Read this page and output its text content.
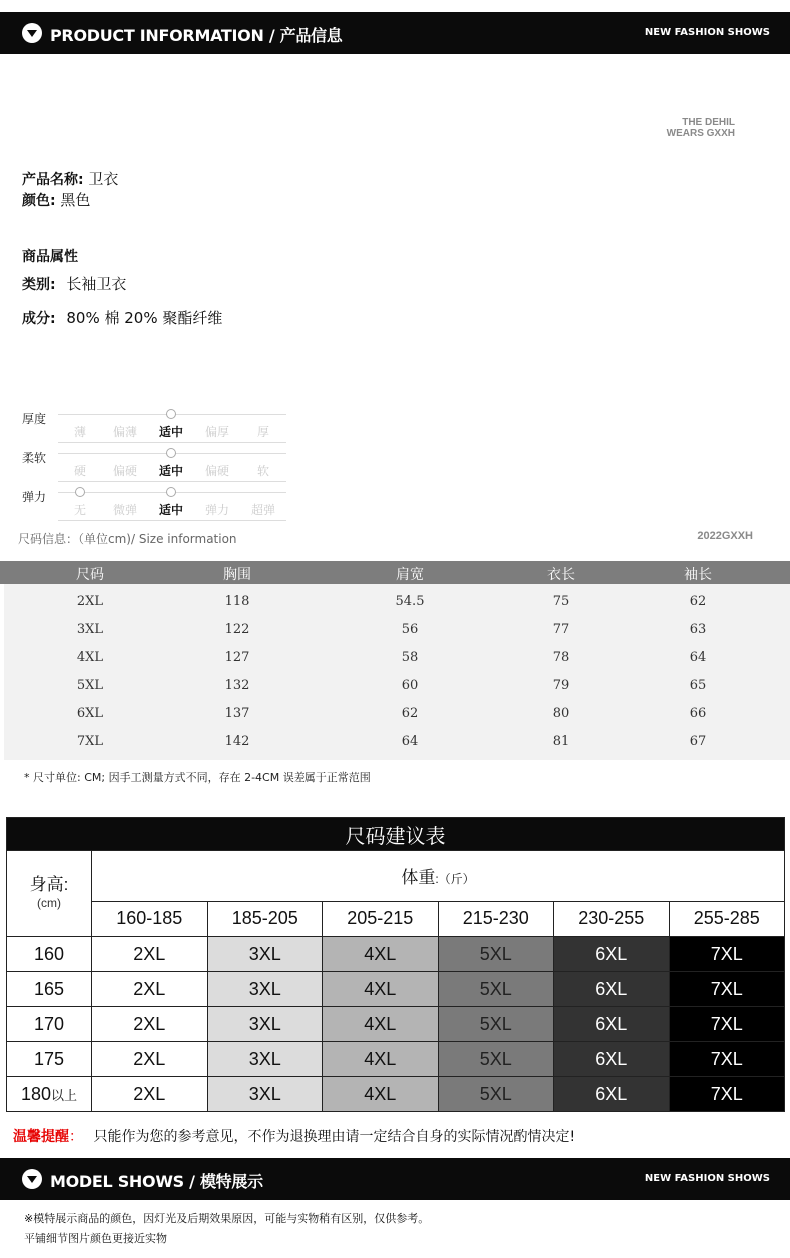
PRODUCT INFORMATION / 产品信息	NEW FASHION SHOWS
THE DEHIL
WEARS GXXH
产品名称: 卫衣
颜色: 黑色
商品属性
类别: 长袖卫衣
成分: 80% 棉 20% 聚酯纤维
厚度
薄	偏薄	适中	偏厚	厚
柔软
硬	偏硬	适中	偏硬	软
弹力
无	微弹	适中	弹力	超弹
尺码信息：（单位cm)/ Size information	2022GXXH
尺码	胸围	肩宽	衣长	袖长
2XL	118	54.5	75	62
3XL	122	56	77	63
4XL	127	58	78	64
5XL	132	60	79	65
6XL	137	62	80	66
7XL	142	64	81	67
* 尺寸单位: CM; 因手工测量方式不同，存在 2-4CM 误差属于正常范围
尺码建议表						

身高:
(cm)	体重:（斤）					
	160-185	185-205	205-215	215-230	230-255	255-285
160	2XL	3XL	4XL	5XL	6XL	7XL
165	2XL	3XL	4XL	5XL	6XL	7XL
170	2XL	3XL	4XL	5XL	6XL	7XL
175	2XL	3XL	4XL	5XL	6XL	7XL
180以上	2XL	3XL	4XL	5XL	6XL	7XL
温馨提醒： 只能作为您的参考意见，不作为退换理由请一定结合自身的实际情况酌情决定!
MODEL SHOWS / 模特展示	NEW FASHION SHOWS
※模特展示商品的颜色，因灯光及后期效果原因，可能与实物稍有区别，仅供参考。
平铺细节图片颜色更接近实物
